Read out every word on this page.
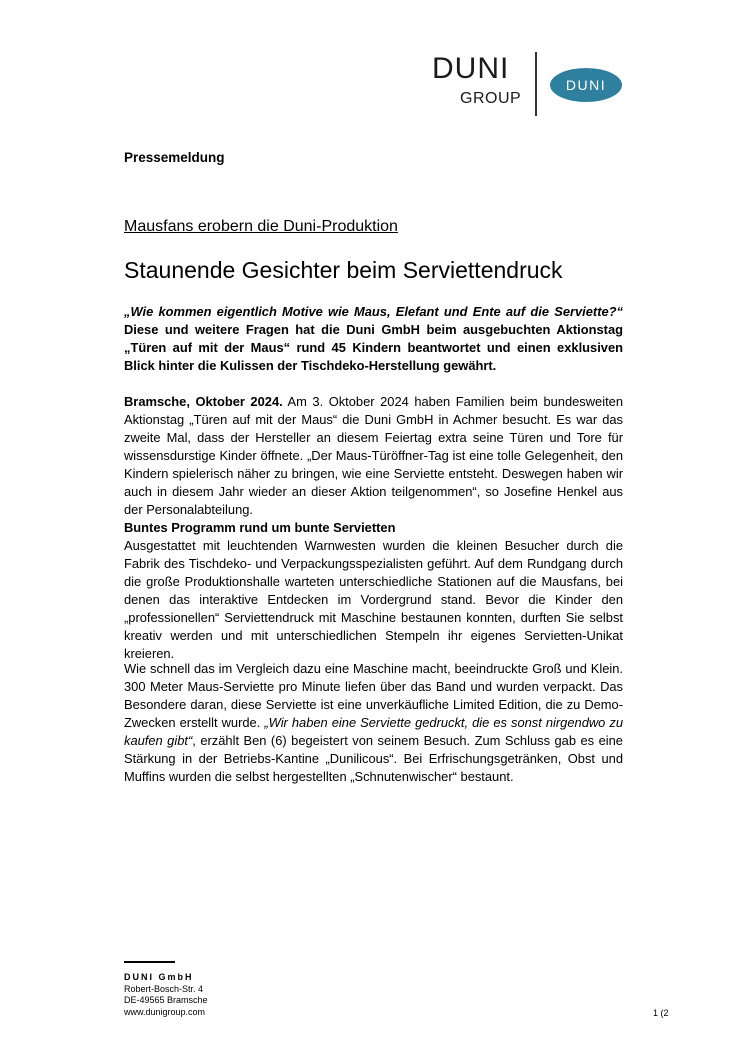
DUNI
GROUP
DUNI
Pressemeldung
Mausfans erobern die Duni-Produktion
Staunende Gesichter beim Serviettendruck
„Wie kommen eigentlich Motive wie Maus, Elefant und Ente auf die Serviette?“ Diese und weitere Fragen hat die Duni GmbH beim ausgebuchten Aktionstag „Türen auf mit der Maus“ rund 45 Kindern beantwortet und einen exklusiven Blick hinter die Kulissen der Tischdeko-Herstellung gewährt.
Bramsche, Oktober 2024. Am 3. Oktober 2024 haben Familien beim bundesweiten Aktionstag „Türen auf mit der Maus“ die Duni GmbH in Achmer besucht. Es war das zweite Mal, dass der Hersteller an diesem Feiertag extra seine Türen und Tore für wissensdurstige Kinder öffnete. „Der Maus-Türöffner-Tag ist eine tolle Gelegenheit, den Kindern spielerisch näher zu bringen, wie eine Serviette entsteht. Deswegen haben wir auch in diesem Jahr wieder an dieser Aktion teilgenommen“, so Josefine Henkel aus der Personalabteilung.
Buntes Programm rund um bunte Servietten
Ausgestattet mit leuchtenden Warnwesten wurden die kleinen Besucher durch die Fabrik des Tischdeko- und Verpackungsspezialisten geführt. Auf dem Rundgang durch die große Produktionshalle warteten unterschiedliche Stationen auf die Mausfans, bei denen das interaktive Entdecken im Vordergrund stand. Bevor die Kinder den „professionellen“ Serviettendruck mit Maschine bestaunen konnten, durften Sie selbst kreativ werden und mit unterschiedlichen Stempeln ihr eigenes Servietten-Unikat kreieren.
Wie schnell das im Vergleich dazu eine Maschine macht, beeindruckte Groß und Klein. 300 Meter Maus-Serviette pro Minute liefen über das Band und wurden verpackt. Das Besondere daran, diese Serviette ist eine unverkäufliche Limited Edition, die zu Demo-Zwecken erstellt wurde. „Wir haben eine Serviette gedruckt, die es sonst nirgendwo zu kaufen gibt“, erzählt Ben (6) begeistert von seinem Besuch. Zum Schluss gab es eine Stärkung in der Betriebs-Kantine „Dunilicous“. Bei Erfrischungsgetränken, Obst und Muffins wurden die selbst hergestellten „Schnutenwischer“ bestaunt.
DUNI GmbH
Robert-Bosch-Str. 4
DE-49565 Bramsche
www.dunigroup.com	1 (2
